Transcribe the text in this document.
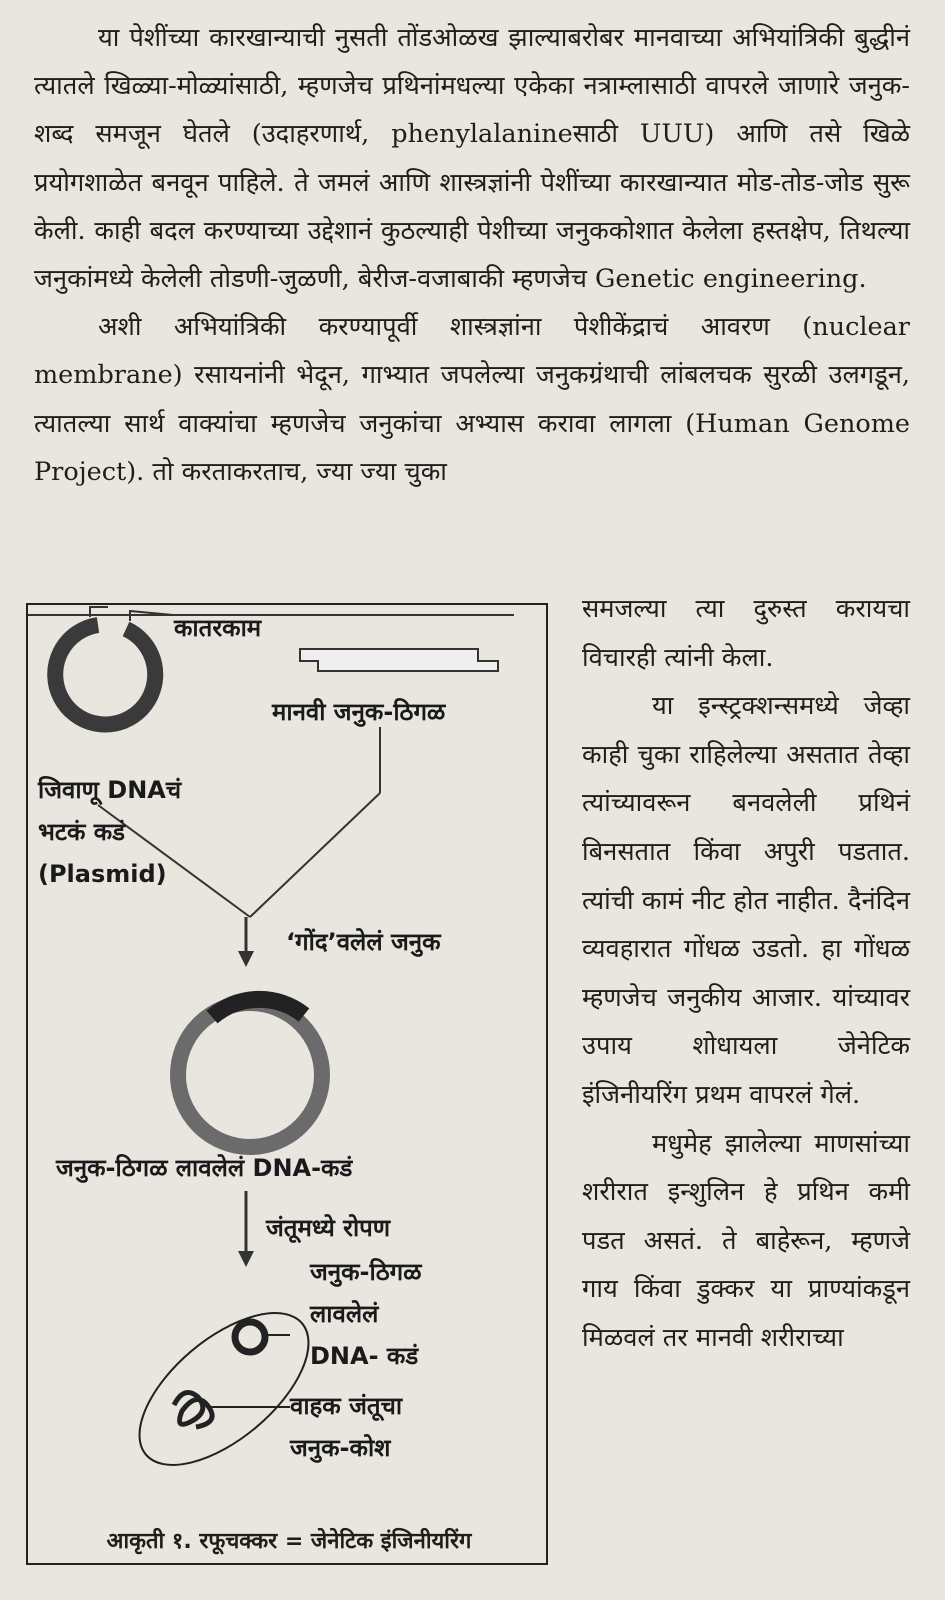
या पेशींच्या कारखान्याची नुसती तोंडओळख झाल्याबरोबर मानवाच्या अभियांत्रिकी बुद्धीनं त्यातले खिळ्या-मोळ्यांसाठी, म्हणजेच प्रथिनांमधल्या एकेका नत्राम्लासाठी वापरले जाणारे जनुक-शब्द समजून घेतले (उदाहरणार्थ, phenylalanineसाठी UUU) आणि तसे खिळे प्रयोगशाळेत बनवून पाहिले. ते जमलं आणि शास्त्रज्ञांनी पेशींच्या कारखान्यात मोड-तोड-जोड सुरू केली. काही बदल करण्याच्या उद्देशानं कुठल्याही पेशीच्या जनुककोशात केलेला हस्तक्षेप, तिथल्या जनुकांमध्ये केलेली तोडणी-जुळणी, बेरीज-वजाबाकी म्हणजेच Genetic engineering.

अशी अभियांत्रिकी करण्यापूर्वी शास्त्रज्ञांना पेशीकेंद्राचं आवरण (nuclear membrane) रसायनांनी भेदून, गाभ्यात जपलेल्या जनुकग्रंथाची लांबलचक सुरळी उलगडून, त्यातल्या सार्थ वाक्यांचा म्हणजेच जनुकांचा अभ्यास करावा लागला (Human Genome Project). तो करताकरताच, ज्या ज्या चुका

कातरकाम
मानवी जनुक-ठिगळ
जिवाणू DNAचं
भटकं कडं
(Plasmid)
‘गोंद’वलेलं जनुक
जनुक-ठिगळ लावलेलं DNA-कडं
जंतूमध्ये रोपण
जनुक-ठिगळ
लावलेलं
DNA- कडं
वाहक जंतूचा
जनुक-कोश
आकृती १. रफूचक्कर = जेनेटिक इंजिनीयरिंग

समजल्या त्या दुरुस्त करायचा विचारही त्यांनी केला.

या इन्स्ट्रक्शन्समध्ये जेव्हा काही चुका राहिलेल्या असतात तेव्हा त्यांच्यावरून बनवलेली प्रथिनं बिनसतात किंवा अपुरी पडतात. त्यांची कामं नीट होत नाहीत. दैनंदिन व्यवहारात गोंधळ उडतो. हा गोंधळ म्हणजेच जनुकीय आजार. यांच्यावर उपाय शोधायला जेनेटिक इंजिनीयरिंग प्रथम वापरलं गेलं.

मधुमेह झालेल्या माणसांच्या शरीरात इन्शुलिन हे प्रथिन कमी पडत असतं. ते बाहेरून, म्हणजे गाय किंवा डुक्कर या प्राण्यांकडून मिळवलं तर मानवी शरीराच्या
